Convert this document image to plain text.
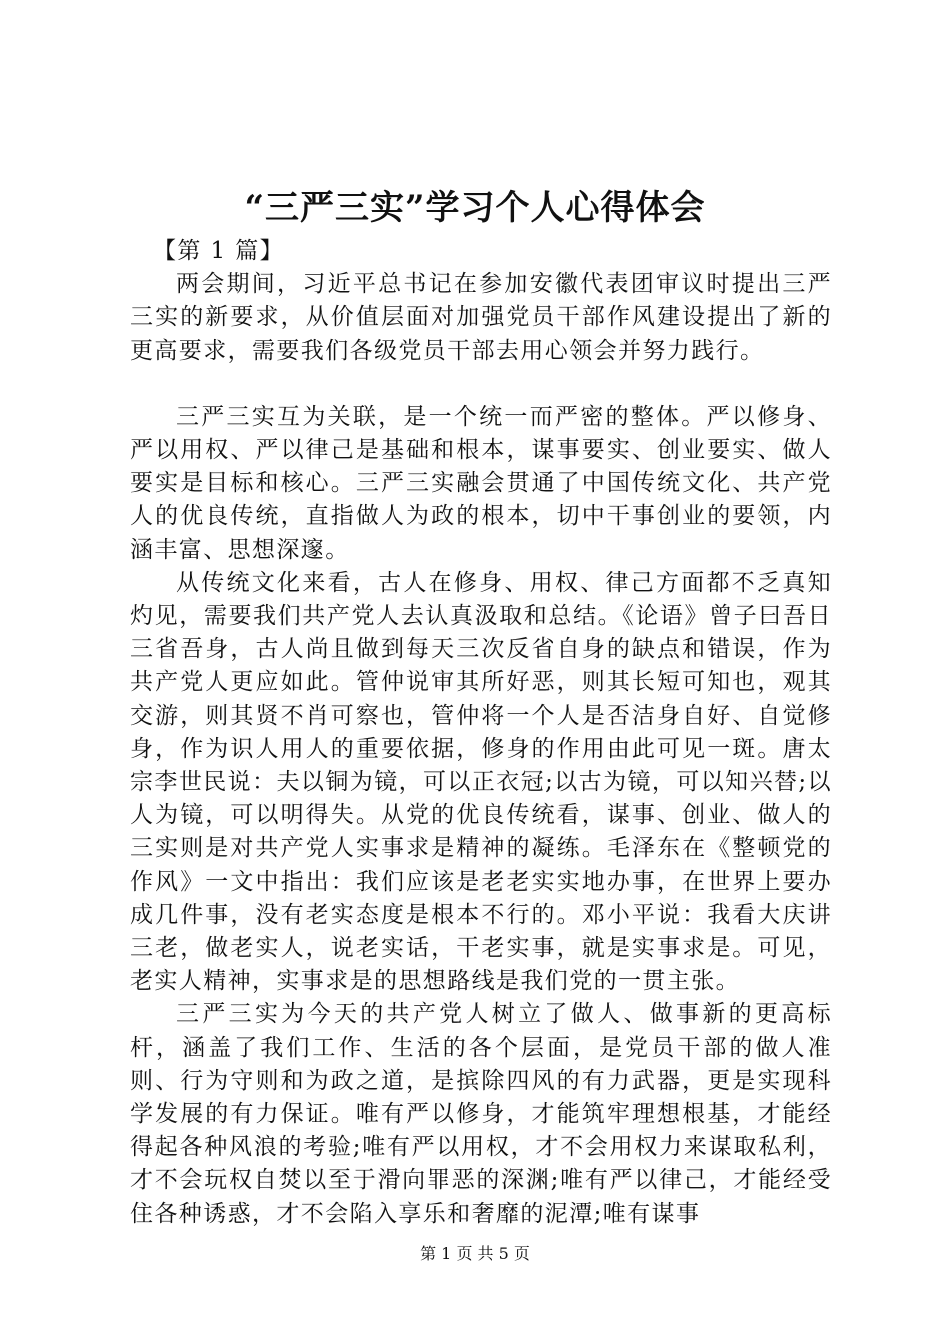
“三严三实”学习个人心得体会

【第 1 篇】

两会期间，习近平总书记在参加安徽代表团审议时提出三严三实的新要求，从价值层面对加强党员干部作风建设提出了新的更高要求，需要我们各级党员干部去用心领会并努力践行。

三严三实互为关联，是一个统一而严密的整体。严以修身、严以用权、严以律己是基础和根本，谋事要实、创业要实、做人要实是目标和核心。三严三实融会贯通了中国传统文化、共产党人的优良传统，直指做人为政的根本，切中干事创业的要领，内涵丰富、思想深邃。

从传统文化来看，古人在修身、用权、律己方面都不乏真知灼见，需要我们共产党人去认真汲取和总结。《论语》曾子曰吾日三省吾身，古人尚且做到每天三次反省自身的缺点和错误，作为共产党人更应如此。管仲说审其所好恶，则其长短可知也，观其交游，则其贤不肖可察也，管仲将一个人是否洁身自好、自觉修身，作为识人用人的重要依据，修身的作用由此可见一斑。唐太宗李世民说：夫以铜为镜，可以正衣冠;以古为镜，可以知兴替;以人为镜，可以明得失。从党的优良传统看，谋事、创业、做人的三实则是对共产党人实事求是精神的凝练。毛泽东在《整顿党的作风》一文中指出：我们应该是老老实实地办事，在世界上要办成几件事，没有老实态度是根本不行的。邓小平说：我看大庆讲三老，做老实人，说老实话，干老实事，就是实事求是。可见，老实人精神，实事求是的思想路线是我们党的一贯主张。

三严三实为今天的共产党人树立了做人、做事新的更高标杆，涵盖了我们工作、生活的各个层面，是党员干部的做人准则、行为守则和为政之道，是摈除四风的有力武器，更是实现科学发展的有力保证。唯有严以修身，才能筑牢理想根基，才能经得起各种风浪的考验;唯有严以用权，才不会用权力来谋取私利，才不会玩权自焚以至于滑向罪恶的深渊;唯有严以律己，才能经受住各种诱惑，才不会陷入享乐和奢靡的泥潭;唯有谋事

第 1 页 共 5 页
